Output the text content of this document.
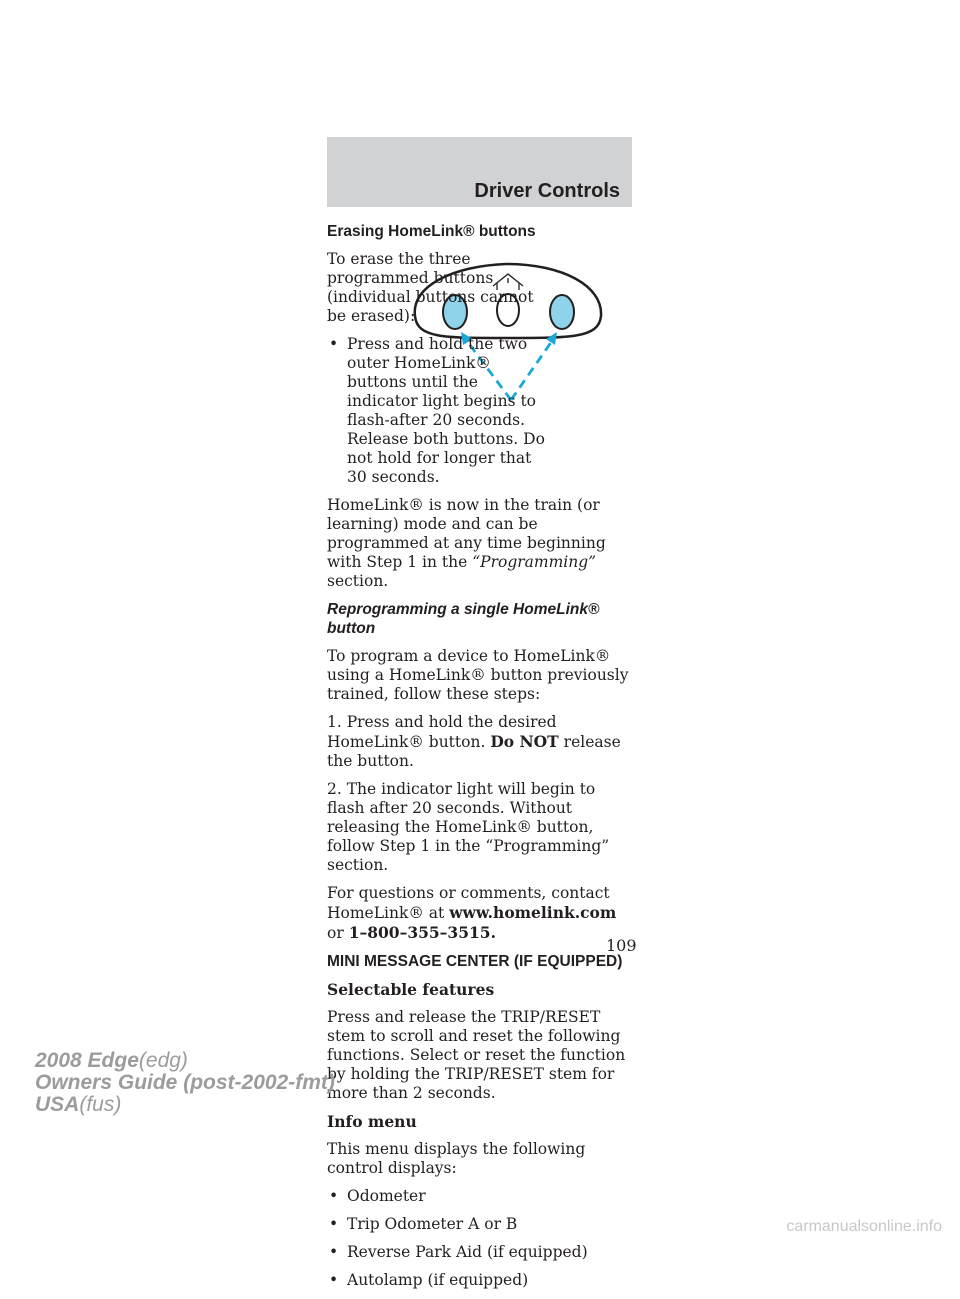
Driver Controls
Erasing HomeLink® buttons
To erase the three programmed buttons (individual buttons cannot be erased):
• Press and hold the two outer HomeLink® buttons until the indicator light begins to flash-after 20 seconds. Release both buttons. Do not hold for longer that 30 seconds.
HomeLink® is now in the train (or learning) mode and can be programmed at any time beginning with Step 1 in the “Programming” section.
Reprogramming a single HomeLink® button
To program a device to HomeLink® using a HomeLink® button previously trained, follow these steps:
1. Press and hold the desired HomeLink® button. Do NOT release the button.
2. The indicator light will begin to flash after 20 seconds. Without releasing the HomeLink® button, follow Step 1 in the “Programming” section.
For questions or comments, contact HomeLink® at www.homelink.com or 1–800–355–3515.
MINI MESSAGE CENTER (IF EQUIPPED)
Selectable features
Press and release the TRIP/RESET stem to scroll and reset the following functions. Select or reset the function by holding the TRIP/RESET stem for more than 2 seconds.
Info menu
This menu displays the following control displays:
• Odometer
• Trip Odometer A or B
• Reverse Park Aid (if equipped)
• Autolamp (if equipped)
109
2008 Edge(edg)
Owners Guide (post-2002-fmt)
USA(fus)
carmanualsonline.info
